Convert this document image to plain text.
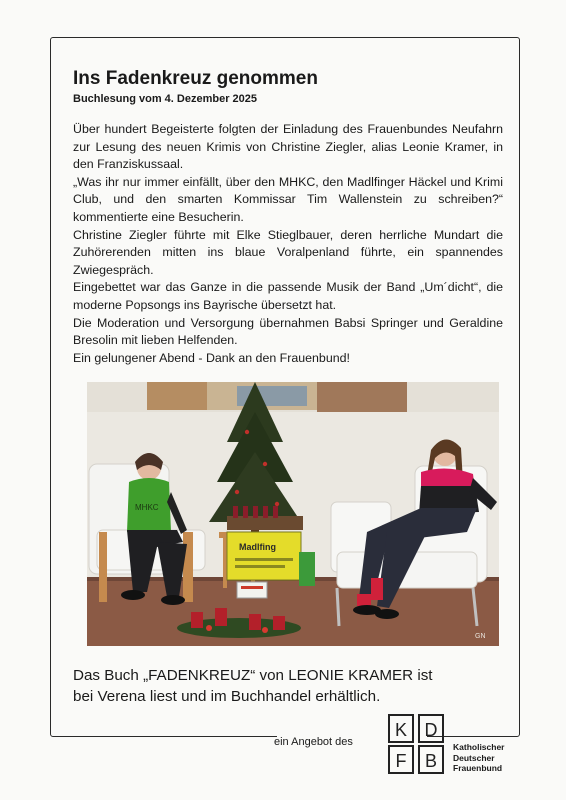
Ins Fadenkreuz genommen
Buchlesung vom 4. Dezember 2025

Über hundert Begeisterte folgten der Einladung des Frauenbundes Neufahrn zur Lesung des neuen Krimis von Christine Ziegler, alias Leonie Kramer, in den Franziskussaal.

„Was ihr nur immer einfällt, über den MHKC, den Madlfinger Häckel und Krimi Club, und den smarten Kommissar Tim Wallenstein zu schreiben?“ kommentierte eine Besucherin.

Christine Ziegler führte mit Elke Stieglbauer, deren herrliche Mundart die Zuhörerenden mitten ins blaue Voralpenland führte, ein spannendes Zwiegespräch.

Eingebettet war das Ganze in die passende Musik der Band „Um´dicht“, die moderne Popsongs ins Bayrische übersetzt hat.

Die Moderation und Versorgung übernahmen Babsi Springer und Geraldine Bresolin mit lieben Helfenden.

Ein gelungener Abend - Dank an den Frauenbund!

MHKC
Madlfing
GN

Das Buch „FADENKREUZ“ von LEONIE KRAMER ist

bei Verena liest und im Buchhandel erhältlich.

ein Angebot des
K D
F B
Katholischer
Deutscher
Frauenbund
